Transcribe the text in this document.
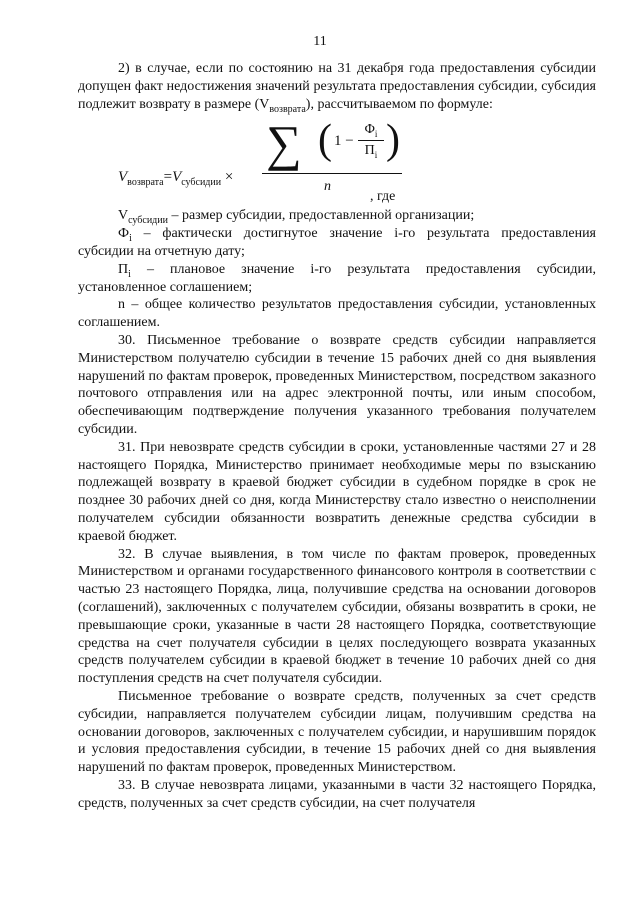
11

2) в случае, если по состоянию на 31 декабря года предоставления субсидии допущен факт недостижения значений результата предоставления субсидии, субсидия подлежит возврату в размере $(V_{возврата})$, рассчитываемом по формуле:

$V_{возврата}=V_{субсидии}$ ×
∑ ( 1 −
$\Phi_i$
$\Pi_i$ )
n
, где

$V_{субсидии}$ – размер субсидии, предоставленной организации;

$Ф_i$ – фактически достигнутое значение i-го результата предоставления субсидии на отчетную дату;

$П_i$ – плановое значение i-го результата предоставления субсидии, установленное соглашением;

n – общее количество результатов предоставления субсидии, установленных соглашением.

30. Письменное требование о возврате средств субсидии направляется Министерством получателю субсидии в течение 15 рабочих дней со дня выявления нарушений по фактам проверок, проведенных Министерством, посредством заказного почтового отправления или на адрес электронной почты, или иным способом, обеспечивающим подтверждение получения указанного требования получателем субсидии.

31. При невозврате средств субсидии в сроки, установленные частями 27 и 28 настоящего Порядка, Министерство принимает необходимые меры по взысканию подлежащей возврату в краевой бюджет субсидии в судебном порядке в срок не позднее 30 рабочих дней со дня, когда Министерству стало известно о неисполнении получателем субсидии обязанности возвратить денежные средства субсидии в краевой бюджет.

32. В случае выявления, в том числе по фактам проверок, проведенных Министерством и органами государственного финансового контроля в соответствии с частью 23 настоящего Порядка, лица, получившие средства на основании договоров (соглашений), заключенных с получателем субсидии, обязаны возвратить в сроки, не превышающие сроки, указанные в части 28 настоящего Порядка, соответствующие средства на счет получателя субсидии в целях последующего возврата указанных средств получателем субсидии в краевой бюджет в течение 10 рабочих дней со дня поступления средств на счет получателя субсидии.

Письменное требование о возврате средств, полученных за счет средств субсидии, направляется получателем субсидии лицам, получившим средства на основании договоров, заключенных с получателем субсидии, и нарушившим порядок и условия предоставления субсидии, в течение 15 рабочих дней со дня выявления нарушений по фактам проверок, проведенных Министерством.

33. В случае невозврата лицами, указанными в части 32 настоящего Порядка, средств, полученных за счет средств субсидии, на счет получателя
